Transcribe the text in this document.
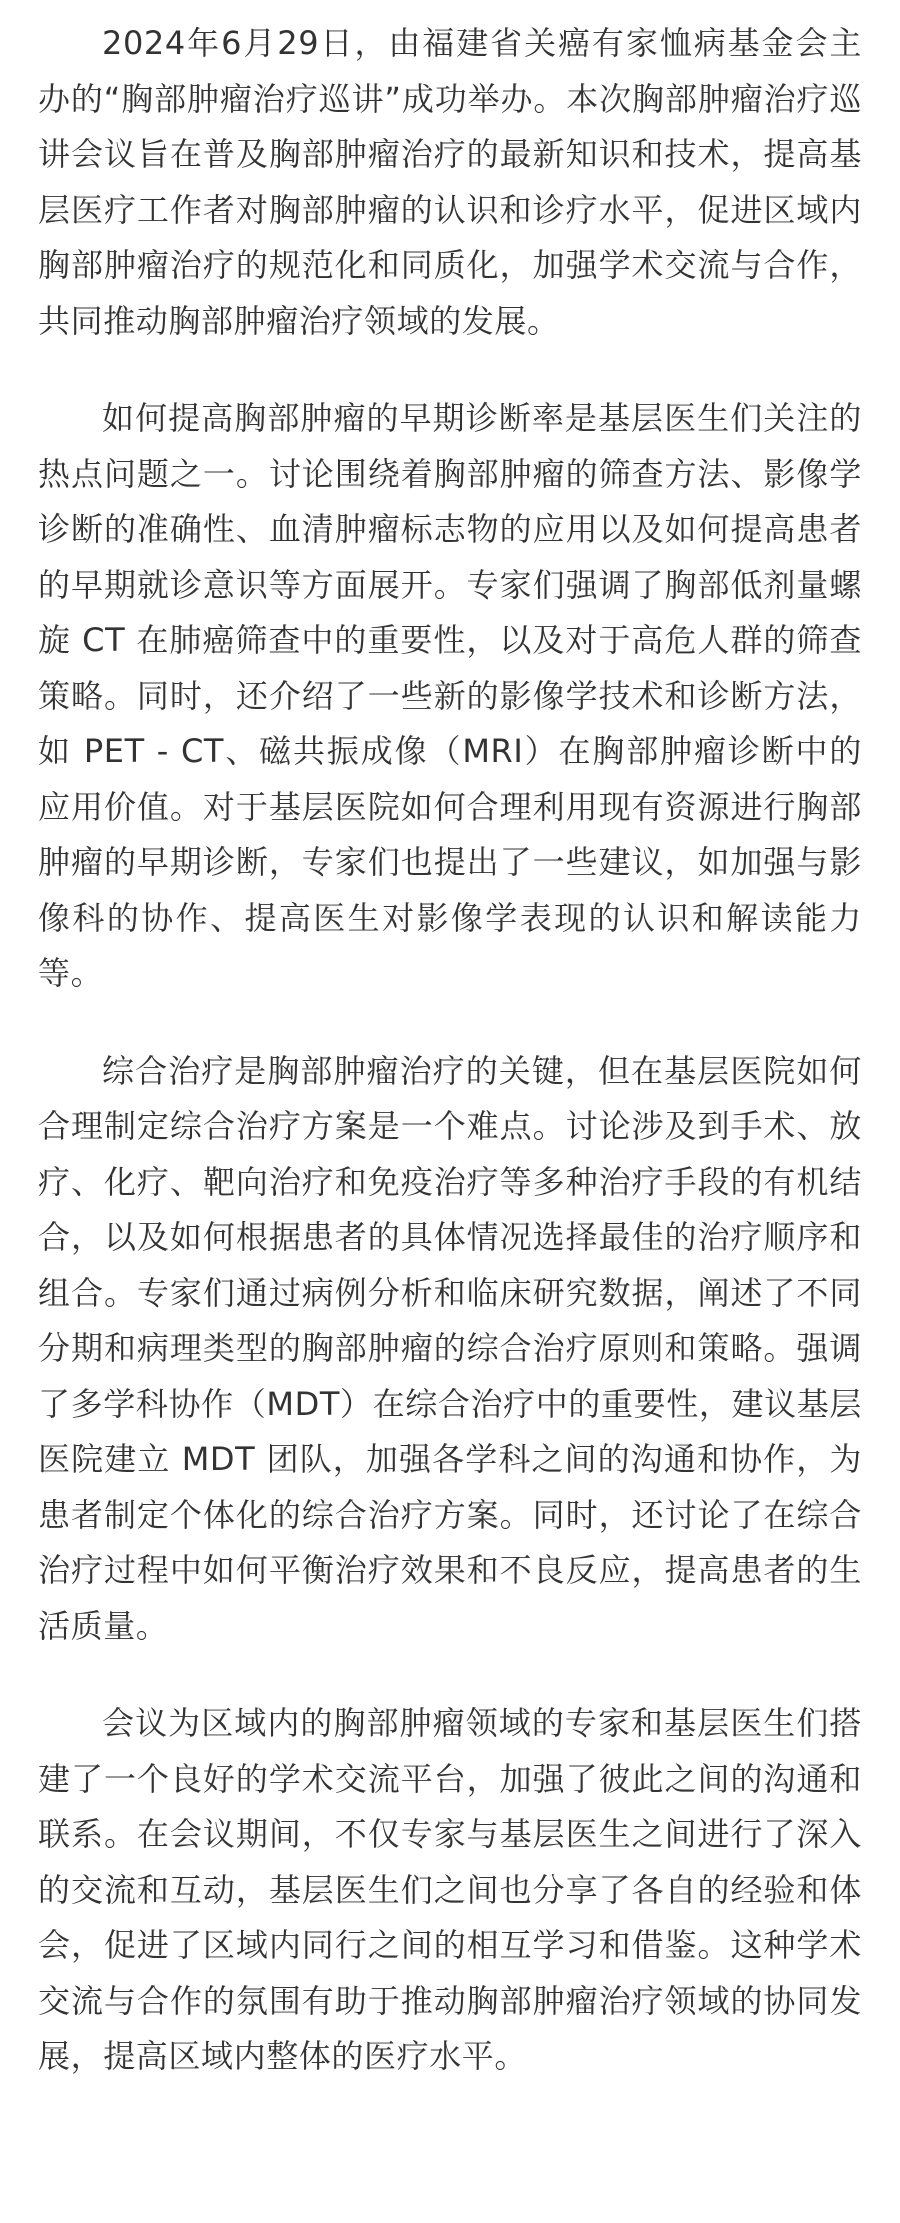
2024年6月29日，由福建省关癌有家恤病基金会主办的“胸部肿瘤治疗巡讲”成功举办。本次胸部肿瘤治疗巡讲会议旨在普及胸部肿瘤治疗的最新知识和技术，提高基层医疗工作者对胸部肿瘤的认识和诊疗水平，促进区域内胸部肿瘤治疗的规范化和同质化，加强学术交流与合作，共同推动胸部肿瘤治疗领域的发展。

如何提高胸部肿瘤的早期诊断率是基层医生们关注的热点问题之一。讨论围绕着胸部肿瘤的筛查方法、影像学诊断的准确性、血清肿瘤标志物的应用以及如何提高患者的早期就诊意识等方面展开。专家们强调了胸部低剂量螺旋 CT 在肺癌筛查中的重要性，以及对于高危人群的筛查策略。同时，还介绍了一些新的影像学技术和诊断方法，如 PET - CT、磁共振成像（MRI）在胸部肿瘤诊断中的应用价值。对于基层医院如何合理利用现有资源进行胸部肿瘤的早期诊断，专家们也提出了一些建议，如加强与影像科的协作、提高医生对影像学表现的认识和解读能力等。

综合治疗是胸部肿瘤治疗的关键，但在基层医院如何合理制定综合治疗方案是一个难点。讨论涉及到手术、放疗、化疗、靶向治疗和免疫治疗等多种治疗手段的有机结合，以及如何根据患者的具体情况选择最佳的治疗顺序和组合。专家们通过病例分析和临床研究数据，阐述了不同分期和病理类型的胸部肿瘤的综合治疗原则和策略。强调了多学科协作（MDT）在综合治疗中的重要性，建议基层医院建立 MDT 团队，加强各学科之间的沟通和协作，为患者制定个体化的综合治疗方案。同时，还讨论了在综合治疗过程中如何平衡治疗效果和不良反应，提高患者的生活质量。

会议为区域内的胸部肿瘤领域的专家和基层医生们搭建了一个良好的学术交流平台，加强了彼此之间的沟通和联系。在会议期间，不仅专家与基层医生之间进行了深入的交流和互动，基层医生们之间也分享了各自的经验和体会，促进了区域内同行之间的相互学习和借鉴。这种学术交流与合作的氛围有助于推动胸部肿瘤治疗领域的协同发展，提高区域内整体的医疗水平。
